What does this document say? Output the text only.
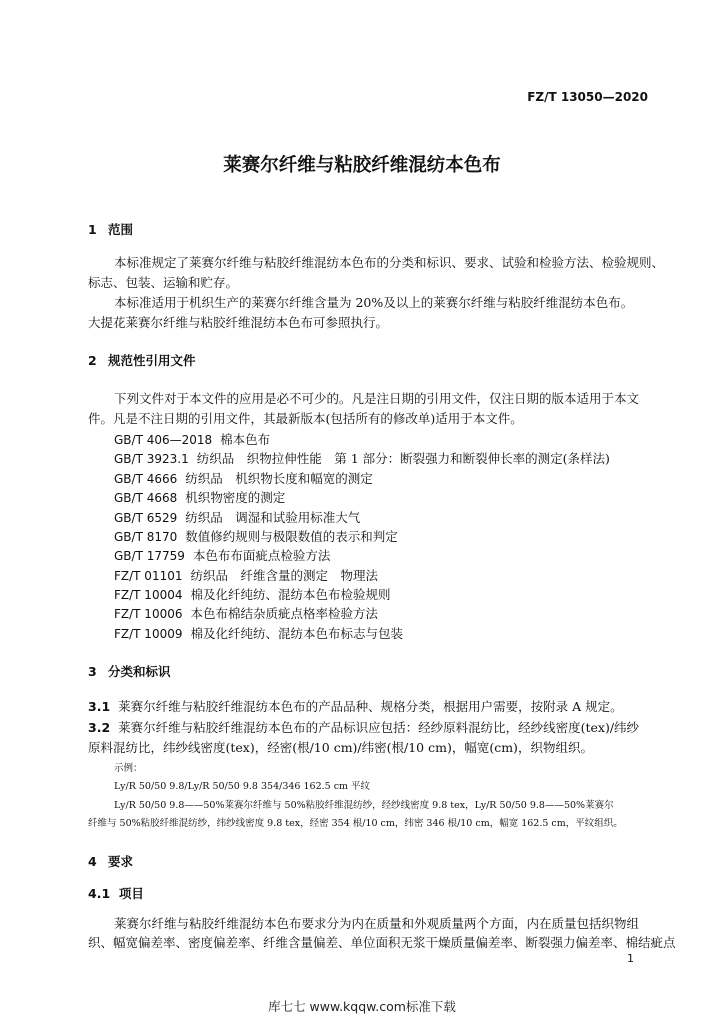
FZ/T 13050—2020
莱赛尔纤维与粘胶纤维混纺本色布
1 范围
本标准规定了莱赛尔纤维与粘胶纤维混纺本色布的分类和标识、要求、试验和检验方法、检验规则、
标志、包装、运输和贮存。
本标准适用于机织生产的莱赛尔纤维含量为 20%及以上的莱赛尔纤维与粘胶纤维混纺本色布。
大提花莱赛尔纤维与粘胶纤维混纺本色布可参照执行。
2 规范性引用文件
下列文件对于本文件的应用是必不可少的。凡是注日期的引用文件，仅注日期的版本适用于本文
件。凡是不注日期的引用文件，其最新版本(包括所有的修改单)适用于本文件。
GB/T 406—2018 棉本色布
GB/T 3923.1 纺织品　织物拉伸性能　第 1 部分：断裂强力和断裂伸长率的测定(条样法)
GB/T 4666 纺织品　机织物长度和幅宽的测定
GB/T 4668 机织物密度的测定
GB/T 6529 纺织品　调湿和试验用标准大气
GB/T 8170 数值修约规则与极限数值的表示和判定
GB/T 17759 本色布布面疵点检验方法
FZ/T 01101 纺织品　纤维含量的测定　物理法
FZ/T 10004 棉及化纤纯纺、混纺本色布检验规则
FZ/T 10006 本色布棉结杂质疵点格率检验方法
FZ/T 10009 棉及化纤纯纺、混纺本色布标志与包装
3 分类和标识
3.1 莱赛尔纤维与粘胶纤维混纺本色布的产品品种、规格分类，根据用户需要，按附录 A 规定。
3.2 莱赛尔纤维与粘胶纤维混纺本色布的产品标识应包括：经纱原料混纺比，经纱线密度(tex)/纬纱
原料混纺比，纬纱线密度(tex)，经密(根/10 cm)/纬密(根/10 cm)，幅宽(cm)，织物组织。
示例：
Ly/R 50/50 9.8/Ly/R 50/50 9.8 354/346 162.5 cm 平纹
Ly/R 50/50 9.8——50%莱赛尔纤维与 50%粘胶纤维混纺纱，经纱线密度 9.8 tex，Ly/R 50/50 9.8——50%莱赛尔
纤维与 50%粘胶纤维混纺纱，纬纱线密度 9.8 tex，经密 354 根/10 cm，纬密 346 根/10 cm，幅宽 162.5 cm，平纹组织。
4 要求
4.1 项目
莱赛尔纤维与粘胶纤维混纺本色布要求分为内在质量和外观质量两个方面，内在质量包括织物组
织、幅宽偏差率、密度偏差率、纤维含量偏差、单位面积无浆干燥质量偏差率、断裂强力偏差率、棉结疵点
1
库七七 www.kqqw.com标准下载
